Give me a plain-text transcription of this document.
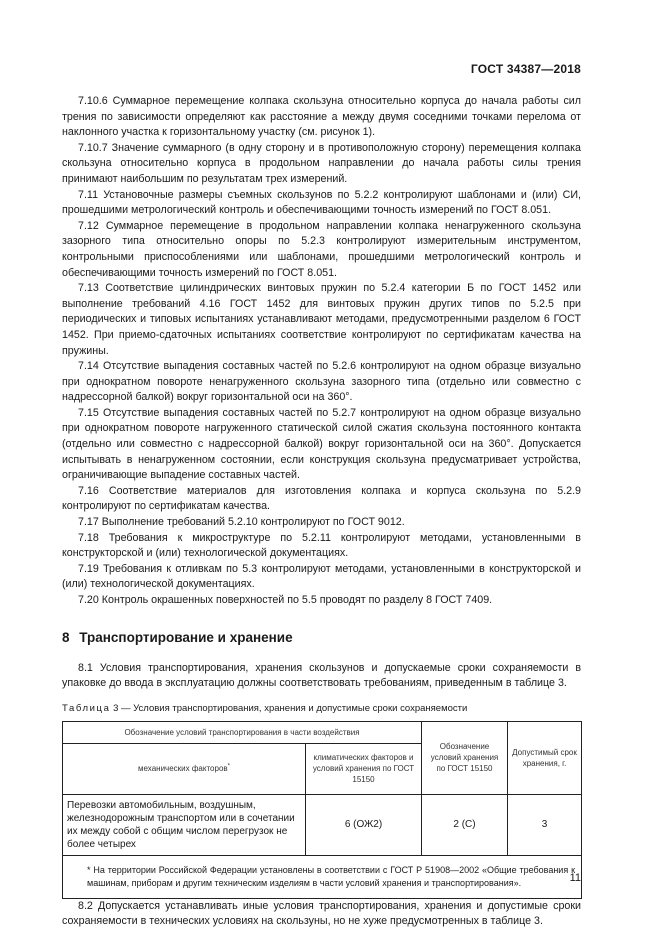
ГОСТ 34387—2018

7.10.6 Суммарное перемещение колпака скользуна относительно корпуса до начала работы сил трения по зависимости определяют как расстояние a между двумя соседними точками перелома от наклонного участка к горизонтальному участку (см. рисунок 1).

7.10.7 Значение суммарного (в одну сторону и в противоположную сторону) перемещения колпака скользуна относительно корпуса в продольном направлении до начала работы силы трения принимают наибольшим по результатам трех измерений.

7.11 Установочные размеры съемных скользунов по 5.2.2 контролируют шаблонами и (или) СИ, прошедшими метрологический контроль и обеспечивающими точность измерений по ГОСТ 8.051.

7.12 Суммарное перемещение в продольном направлении колпака ненагруженного скользуна зазорного типа относительно опоры по 5.2.3 контролируют измерительным инструментом, контрольными приспособлениями или шаблонами, прошедшими метрологический контроль и обеспечивающими точность измерений по ГОСТ 8.051.

7.13 Соответствие цилиндрических винтовых пружин по 5.2.4 категории Б по ГОСТ 1452 или выполнение требований 4.16 ГОСТ 1452 для винтовых пружин других типов по 5.2.5 при периодических и типовых испытаниях устанавливают методами, предусмотренными разделом 6 ГОСТ 1452. При приемо-сдаточных испытаниях соответствие контролируют по сертификатам качества на пружины.

7.14 Отсутствие выпадения составных частей по 5.2.6 контролируют на одном образце визуально при однократном повороте ненагруженного скользуна зазорного типа (отдельно или совместно с надрессорной балкой) вокруг горизонтальной оси на 360°.

7.15 Отсутствие выпадения составных частей по 5.2.7 контролируют на одном образце визуально при однократном повороте нагруженного статической силой сжатия скользуна постоянного контакта (отдельно или совместно с надрессорной балкой) вокруг горизонтальной оси на 360°. Допускается испытывать в ненагруженном состоянии, если конструкция скользуна предусматривает устройства, ограничивающие выпадение составных частей.

7.16 Соответствие материалов для изготовления колпака и корпуса скользуна по 5.2.9 контролируют по сертификатам качества.

7.17 Выполнение требований 5.2.10 контролируют по ГОСТ 9012.

7.18 Требования к микроструктуре по 5.2.11 контролируют методами, установленными в конструкторской и (или) технологической документациях.

7.19 Требования к отливкам по 5.3 контролируют методами, установленными в конструкторской и (или) технологической документациях.

7.20 Контроль окрашенных поверхностей по 5.5 проводят по разделу 8 ГОСТ 7409.

8 Транспортирование и хранение

8.1 Условия транспортирования, хранения скользунов и допускаемые сроки сохраняемости в упаковке до ввода в эксплуатацию должны соответствовать требованиям, приведенным в таблице 3.

Таблица 3 — Условия транспортирования, хранения и допустимые сроки сохраняемости
Обозначение условий транспортирования в части воздействия		Обозначение условий хранения по ГОСТ 15150	Допустимый срок хранения, г.
механических факторов*	климатических факторов и условий хранения по ГОСТ 15150		
Перевозки автомобильным, воздушным, железнодорожным транспортом или в сочетании их между собой с общим числом перегрузок не более четырех	6 (ОЖ2)	2 (С)	3

* На территории Российской Федерации установлены в соответствии с ГОСТ Р 51908—2002 «Общие требования к машинам, приборам и другим техническим изделиям в части условий хранения и транспортирования».			

8.2 Допускается устанавливать иные условия транспортирования, хранения и допустимые сроки сохраняемости в технических условиях на скользуны, но не хуже предусмотренных в таблице 3.

11
